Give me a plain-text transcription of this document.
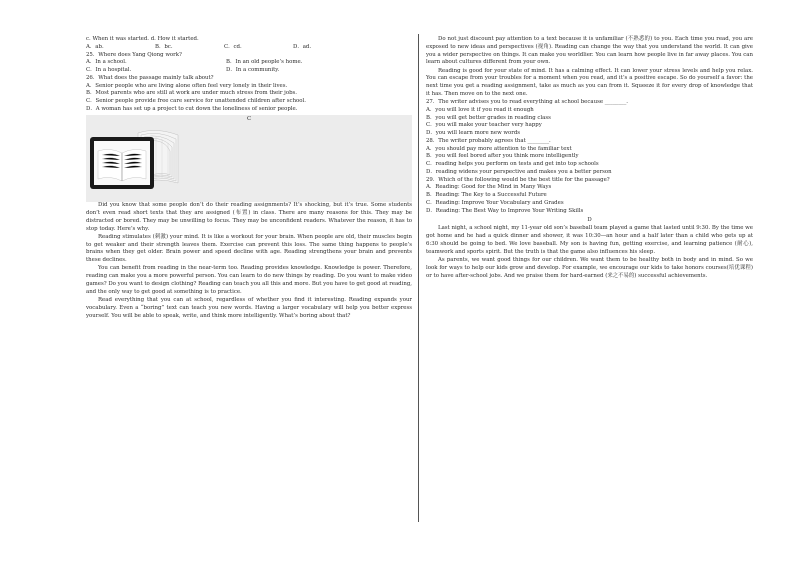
c. When it was started. d. How it started.
A．ab.	B．bc.	C．cd.	D．ad.
25．Where does Yang Qiong work?
A．In a school.	B．In an old people’s home.
C．In a hospital.	D．In a community.
26．What does the passage mainly talk about?
A．Senior people who are living alone often feel very lonely in their lives.
B．Most parents who are still at work are under much stress from their jobs.
C．Senior people provide free care service for unattended children after school.
D．A woman has set up a project to cut down the loneliness of senior people.
C

Did you know that some people don’t do their reading assignments? It’s shocking, but it’s true. Some students don’t even read short texts that they are assigned (布置) in class. There are many reasons for this. They may be distracted or bored. They may be unwilling to focus. They may be unconfident readers. Whatever the reason, it has to stop today. Here’s why.

Reading stimulates (刺激) your mind. It is like a workout for your brain. When people are old, their muscles begin to get weaker and their strength leaves them. Exercise can prevent this loss. The same thing happens to people’s brains when they get older. Brain power and speed decline with age. Reading strengthens your brain and prevents these declines.

You can benefit from reading in the near-term too. Reading provides knowledge. Knowledge is power. Therefore, reading can make you a more powerful person. You can learn to do new things by reading. Do you want to make video games? Do you want to design clothing? Reading can teach you all this and more. But you have to get good at reading, and the only way to get good at something is to practice.

Read everything that you can at school, regardless of whether you find it interesting. Reading expands your vocabulary. Even a “boring” text can teach you new words. Having a larger vocabulary will help you better express yourself. You will be able to speak, write, and think more intelligently. What’s boring about that?

Do not just discount pay attention to a text because it is unfamiliar (不熟悉的) to you. Each time you read, you are exposed to new ideas and perspectives (视角). Reading can change the way that you understand the world. It can give you a wider perspective on things. It can make you worldlier. You can learn how people live in far away places. You can learn about cultures different from your own.

Reading is good for your state of mind. It has a calming effect. It can lower your stress levels and help you relax. You can escape from your troubles for a moment when you read, and it’s a positive escape. So do yourself a favor: the next time you get a reading assignment, take as much as you can from it. Squeeze it for every drop of knowledge that it has. Then move on to the next one.

27．The writer advises you to read everything at school because ________.
A．you will love it if you read it enough
B．you will get better grades in reading class
C．you will make your teacher very happy
D．you will learn more new words
28．The writer probably agrees that ________.
A．you should pay more attention to the familiar text
B．you will feel bored after you think more intelligently
C．reading helps you perform on tests and get into top schools
D．reading widens your perspective and makes you a better person
29．Which of the following would be the best title for the passage?
A．Reading: Good for the Mind in Many Ways
B．Reading: The Key to a Successful Future
C．Reading: Improve Your Vocabulary and Grades
D．Reading: The Best Way to Improve Your Writing Skills
D

Last night, a school night, my 11-year old son’s baseball team played a game that lasted until 9:30. By the time we got home and he had a quick dinner and shower, it was 10:30—an hour and a half later than a child who gets up at 6:30 should be going to bed. We love baseball. My son is having fun, getting exercise, and learning patience (耐心), teamwork and sports spirit. But the truth is that the game also influences his sleep.

As parents, we want good things for our children. We want them to be healthy both in body and in mind. So we look for ways to help our kids grow and develop. For example, we encourage our kids to take honors courses(培优课程) or to have after-school jobs. And we praise them for hard-earned (来之不易的) successful achievements.
